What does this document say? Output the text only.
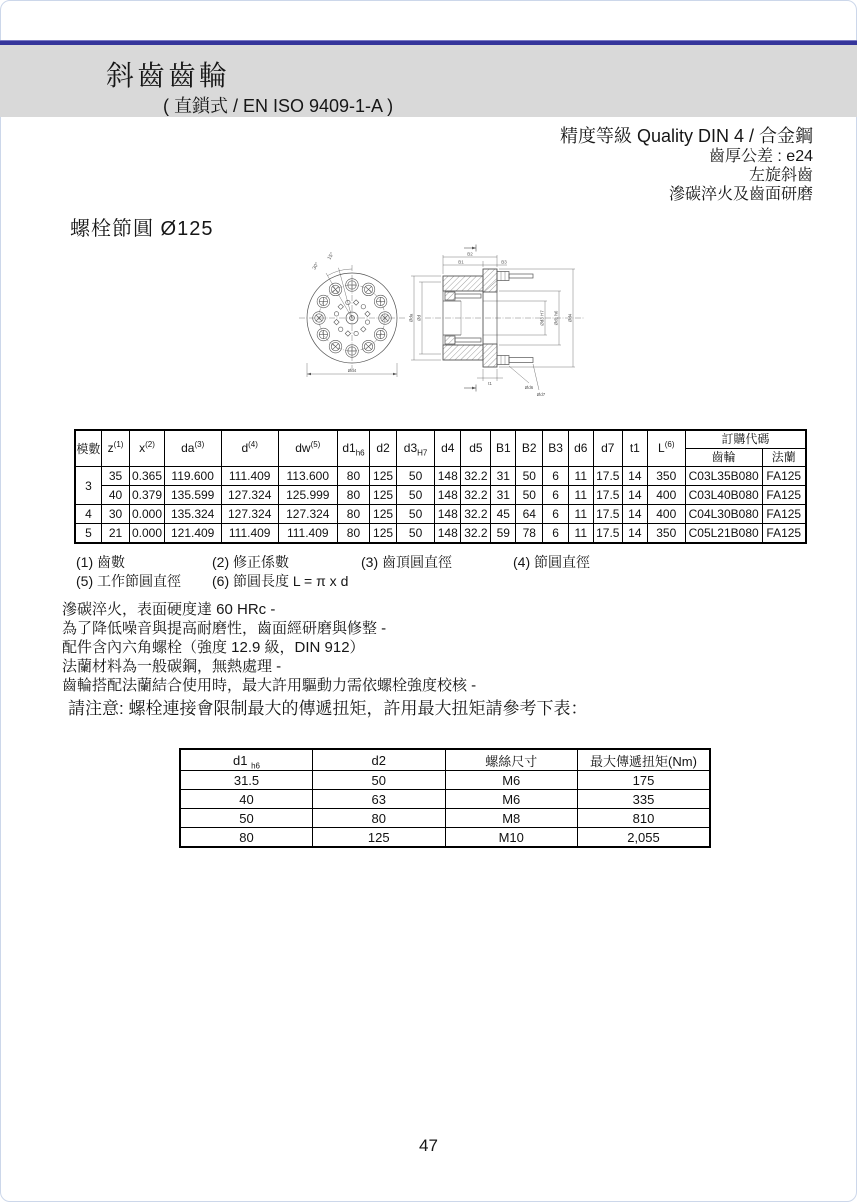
斜齒齒輪
( 直鎖式 / EN ISO 9409-1-A )
精度等級 Quality DIN 4 / 合金鋼
齒厚公差 : e24
左旋斜齒
滲碳淬火及齒面研磨
螺栓節圓 Ø125
15°
30°
Ød4
B2
B1	B3
Øda Ød	Ød3 H7 Ød1 h6 Ød4
t1
Ød6
Ød7
模數	$z^{(1)}$	$x^{(2)}$	$da^{(3)}$	$d^{(4)}$	$dw^{(5)}$	$d1_{h6}$	d2	$d3_{H7}$	d4	d5	B1	B2	B3	d6	d7	t1	$L^{(6)}$	訂購代碼	
																		齒輪	法蘭
3	35	0.365	119.600	111.409	113.600	80	125	50	148	32.2	31	50	6	11	17.5	14	350	C03L35B080	FA125
	40	0.379	135.599	127.324	125.999	80	125	50	148	32.2	31	50	6	11	17.5	14	400	C03L40B080	FA125
4	30	0.000	135.324	127.324	127.324	80	125	50	148	32.2	45	64	6	11	17.5	14	400	C04L30B080	FA125
5	21	0.000	121.409	111.409	111.409	80	125	50	148	32.2	59	78	6	11	17.5	14	350	C05L21B080	FA125
(1) 齒數	(2) 修正係數	(3) 齒頂圓直徑	(4) 節圓直徑
(5) 工作節圓直徑 (6) 節圓長度 L = π x d
滲碳淬火，表面硬度達 60 HRc -
為了降低噪音與提高耐磨性，齒面經研磨與修整 -
配件含內六角螺栓（強度 12.9 級，DIN 912）
法蘭材料為一般碳鋼，無熱處理 -
齒輪搭配法蘭結合使用時，最大許用驅動力需依螺栓強度校核 -
請注意: 螺栓連接會限制最大的傳遞扭矩，許用最大扭矩請參考下表：
d1 $_{h6}$	d2	螺絲尺寸	最大傳遞扭矩(Nm)
31.5	50	M6	175
40	63	M6	335
50	80	M8	810
80	125	M10	2,055
47
